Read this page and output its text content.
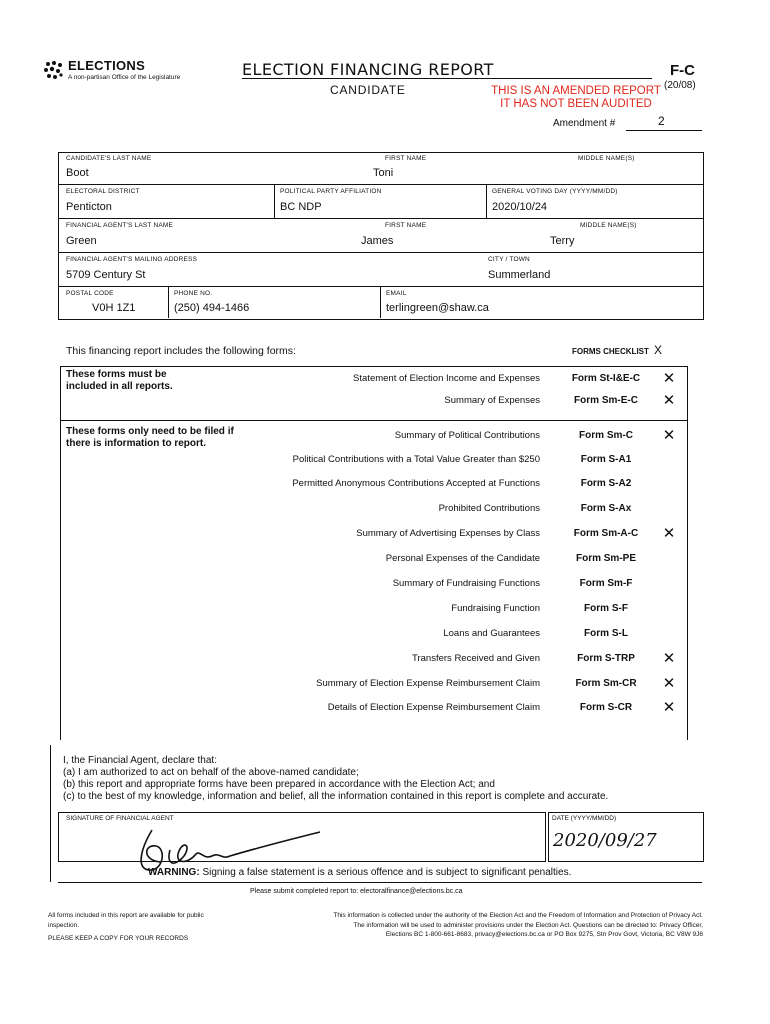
ELECTIONS
A non-partisan Office of the Legislature	ELECTION FINANCING REPORT
CANDIDATE	THIS IS AN AMENDED REPORT
IT HAS NOT BEEN AUDITED
F-C
(20/08)
Amendment #	2
CANDIDATE'S LAST NAME
Boot
FIRST NAME
Toni
MIDDLE NAME(S)
ELECTORAL DISTRICT
Penticton
POLITICAL PARTY AFFILIATION
BC NDP
GENERAL VOTING DAY (YYYY/MM/DD)
2020/10/24
FINANCIAL AGENT'S LAST NAME
Green
FIRST NAME
James
MIDDLE NAME(S)
Terry
FINANCIAL AGENT'S MAILING ADDRESS
5709 Century St
CITY / TOWN
Summerland
POSTAL CODE
V0H 1Z1
PHONE NO.
(250) 494-1466
EMAIL
terlingreen@shaw.ca
This financing report includes the following forms:	FORMS CHECKLIST X
These forms must be included in all reports.
These forms only need to be filed if there is information to report.
Statement of Election Income and Expenses	Form St-I&E-C	✕
Summary of Expenses	Form Sm-E-C	✕
Summary of Political Contributions	Form Sm-C	✕
Political Contributions with a Total Value Greater than $250	Form S-A1
Permitted Anonymous Contributions Accepted at Functions	Form S-A2
Prohibited Contributions	Form S-Ax
Summary of Advertising Expenses by Class	Form Sm-A-C	✕
Personal Expenses of the Candidate	Form Sm-PE
Summary of Fundraising Functions	Form Sm-F
Fundraising Function	Form S-F
Loans and Guarantees	Form S-L
Transfers Received and Given	Form S-TRP	✕
Summary of Election Expense Reimbursement Claim	Form Sm-CR	✕
Details of Election Expense Reimbursement Claim	Form S-CR	✕
I, the Financial Agent, declare that:
(a) I am authorized to act on behalf of the above-named candidate;
(b) this report and appropriate forms have been prepared in accordance with the Election Act; and
(c) to the best of my knowledge, information and belief, all the information contained in this report is complete and accurate.
SIGNATURE OF FINANCIAL AGENT	DATE (YYYY/MM/DD)
2020/09/27
WARNING: Signing a false statement is a serious offence and is subject to significant penalties.
Please submit completed report to: electoralfinance@elections.bc.ca
All forms included in this report are available for public inspection.
PLEASE KEEP A COPY FOR YOUR RECORDS
This information is collected under the authority of the Election Act and the Freedom of Information and Protection of Privacy Act.
The information will be used to administer provisions under the Election Act. Questions can be directed to: Privacy Officer,
Elections BC 1-800-661-8683, privacy@elections.bc.ca or PO Box 9275, Stn Prov Govt, Victoria, BC V8W 9J6
